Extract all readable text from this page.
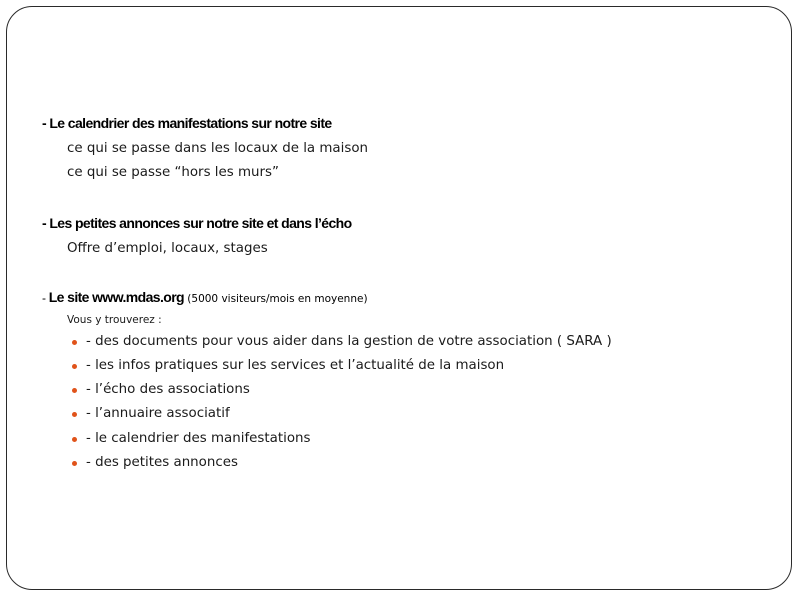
- Le calendrier des manifestations sur notre site
ce qui se passe dans les locaux de la maison
ce qui se passe “hors les murs”
- Les petites annonces sur notre site et dans l’écho
Offre d’emploi, locaux, stages
- Le site www.mdas.org (5000 visiteurs/mois en moyenne)
Vous y trouverez :
- des documents pour vous aider dans la gestion de votre association ( SARA )
- les infos pratiques sur les services et l’actualité de la maison
- l’écho des associations
- l’annuaire associatif
- le calendrier des manifestations
- des petites annonces
